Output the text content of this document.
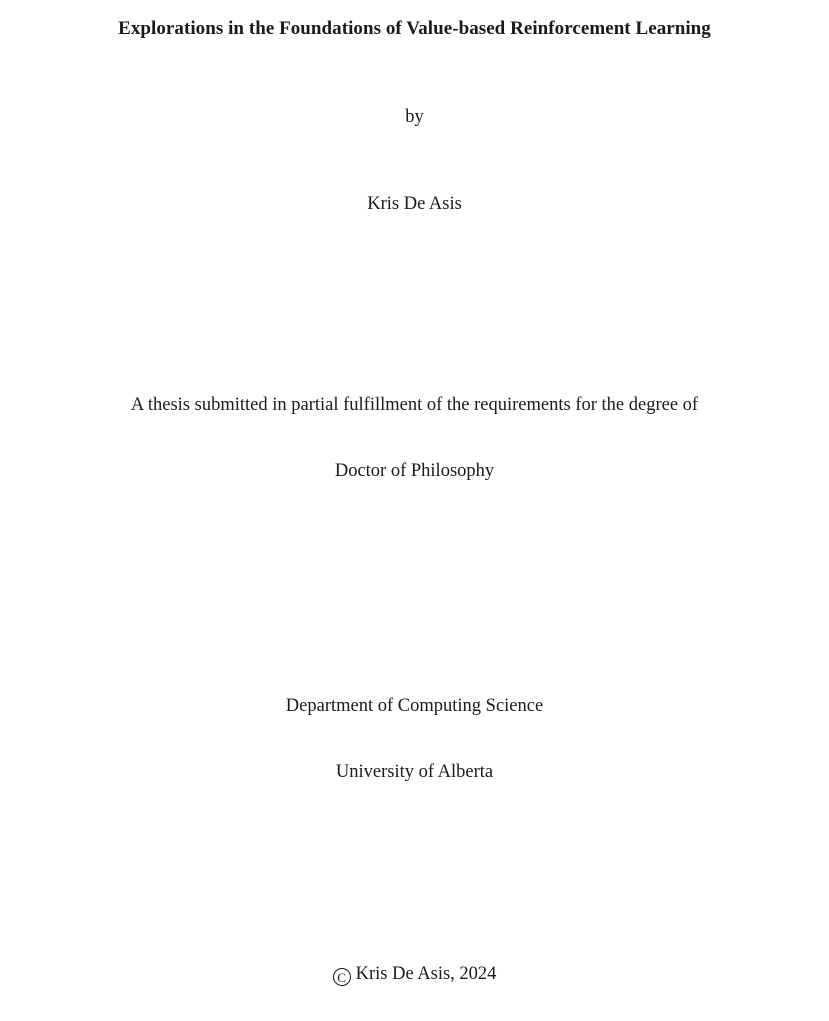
Explorations in the Foundations of Value-based Reinforcement Learning
by
Kris De Asis
A thesis submitted in partial fulfillment of the requirements for the degree of
Doctor of Philosophy
Department of Computing Science
University of Alberta
C Kris De Asis, 2024
